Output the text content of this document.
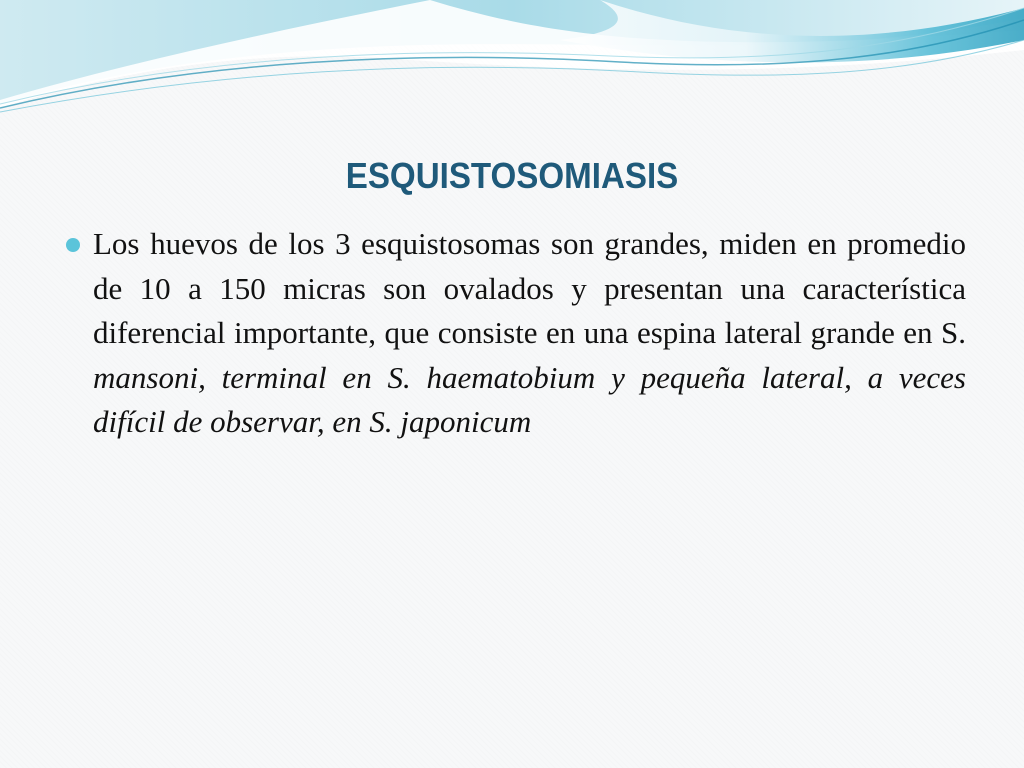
ESQUISTOSOMIASIS
Los huevos de los 3 esquistosomas son grandes, miden en promedio de 10 a 150 micras son ovalados y presentan una característica diferencial importante, que consiste en una espina lateral grande en S. mansoni, terminal en S. haematobium y pequeña lateral, a veces difícil de observar, en S. japonicum
